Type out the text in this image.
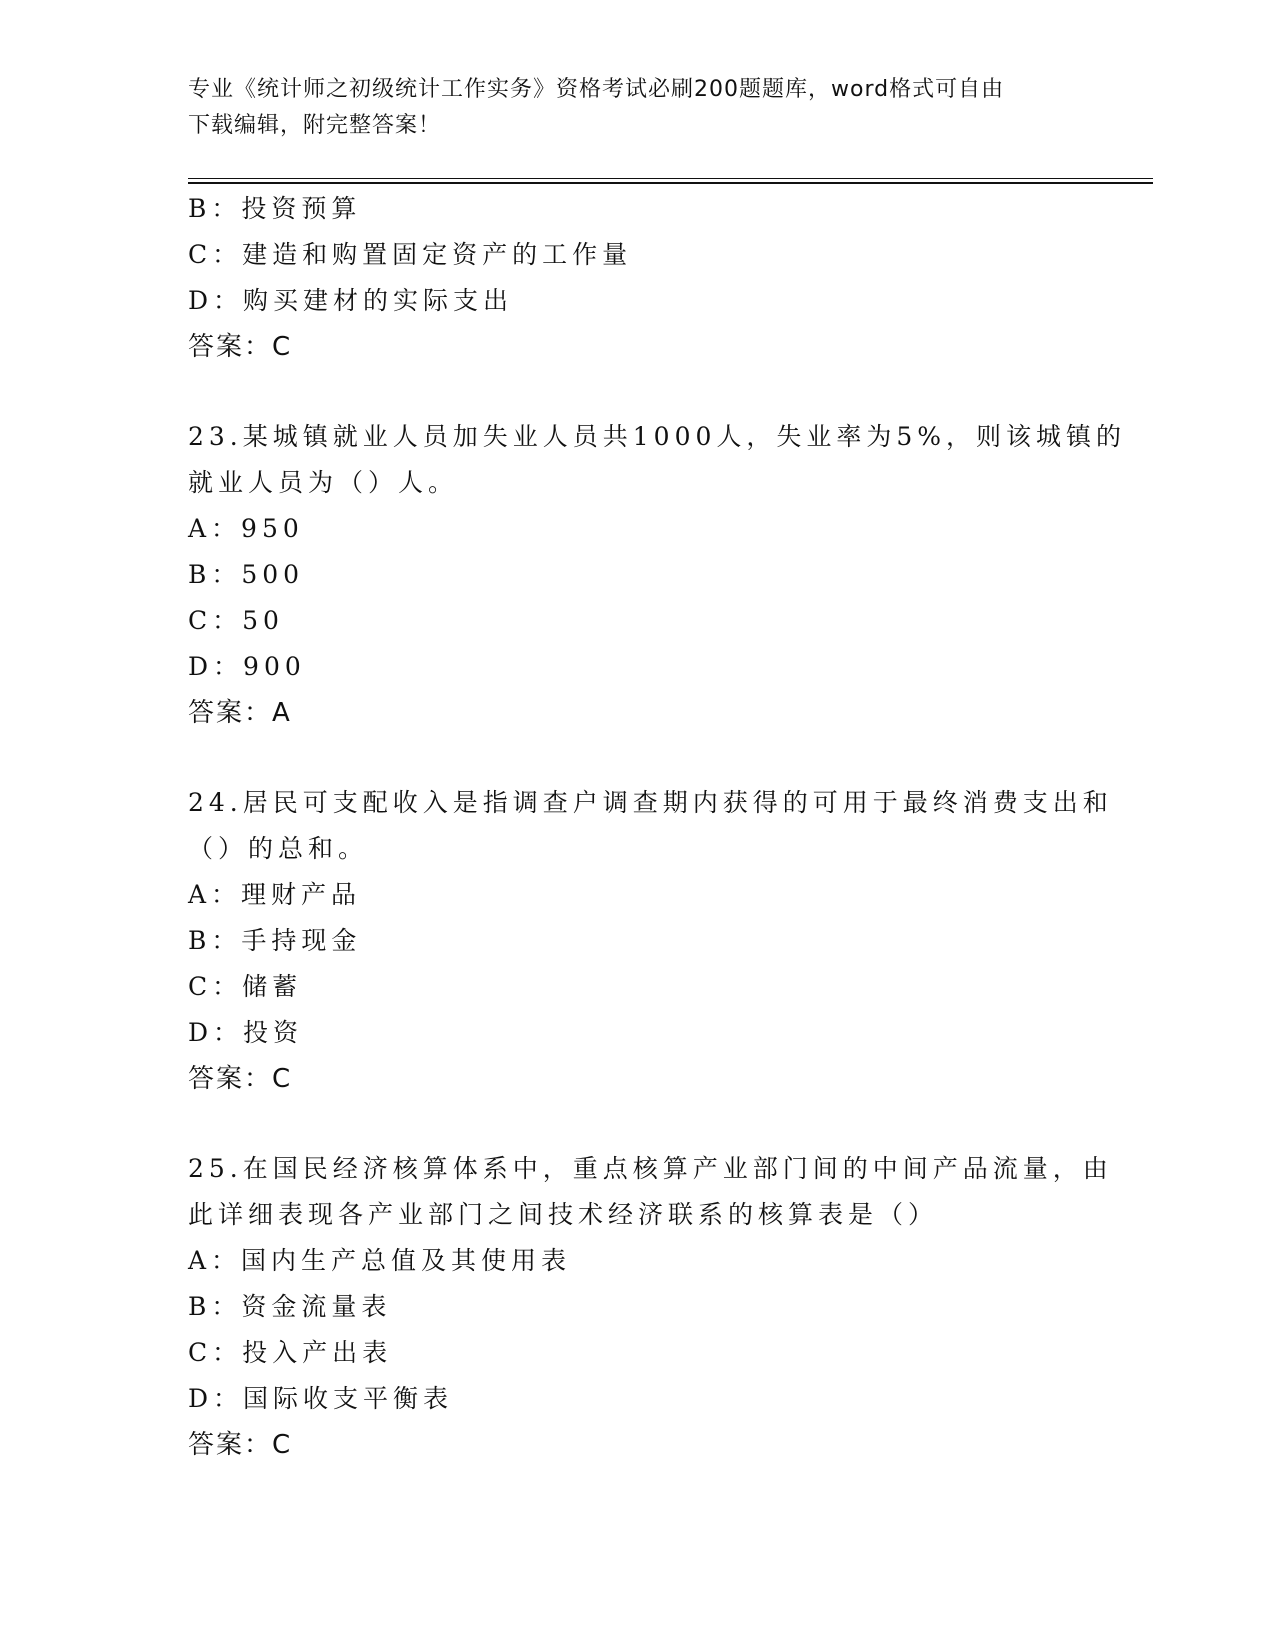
专业《统计师之初级统计工作实务》资格考试必刷200题题库，word格式可自由
下载编辑，附完整答案！
B：投资预算
C：建造和购置固定资产的工作量
D：购买建材的实际支出
答案：C
23.某城镇就业人员加失业人员共1000人，失业率为5%，则该城镇的
就业人员为（）人。
A：950
B：500
C：50
D：900
答案：A
24.居民可支配收入是指调查户调查期内获得的可用于最终消费支出和
（）的总和。
A：理财产品
B：手持现金
C：储蓄
D：投资
答案：C
25.在国民经济核算体系中，重点核算产业部门间的中间产品流量，由
此详细表现各产业部门之间技术经济联系的核算表是（）
A：国内生产总值及其使用表
B：资金流量表
C：投入产出表
D：国际收支平衡表
答案：C
